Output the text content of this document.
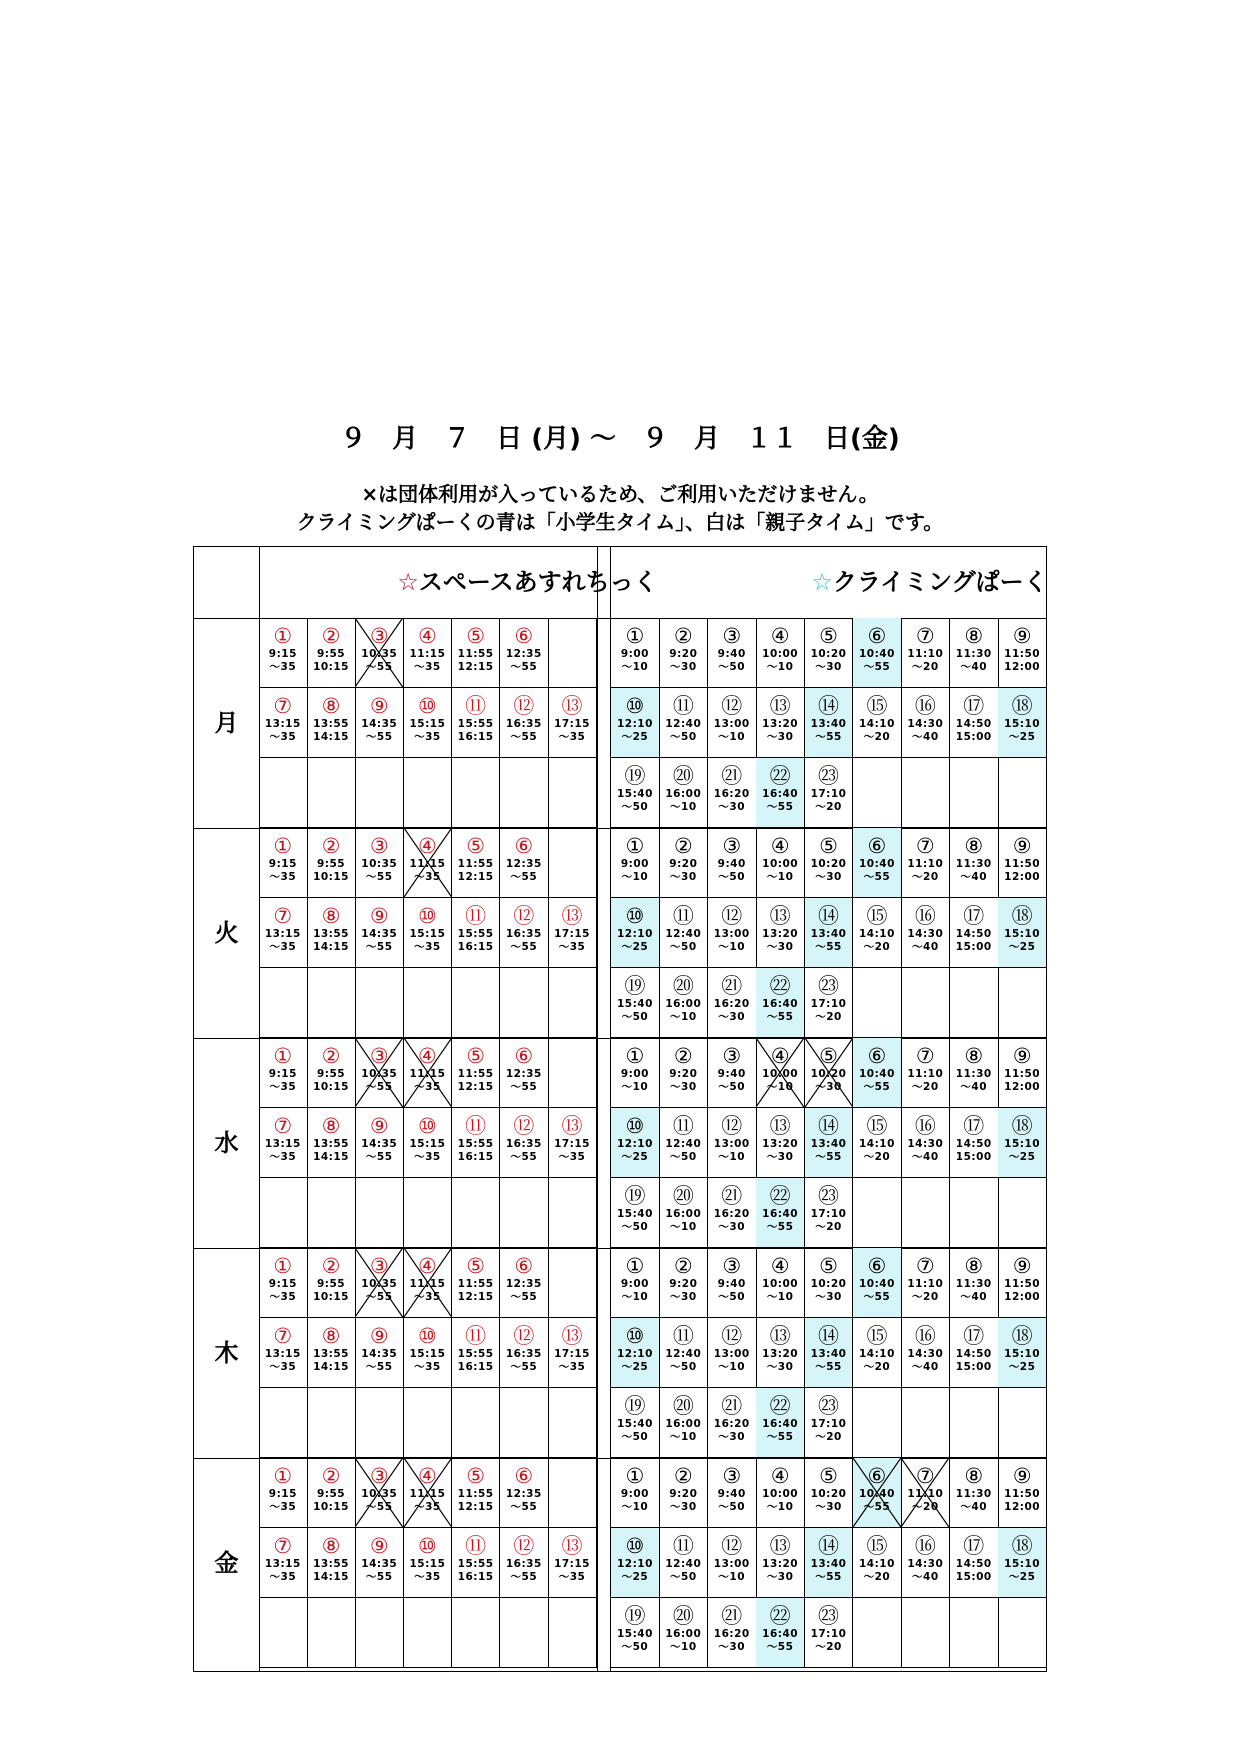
９　月　７　日 (月) ～　９　月　１１　日(金)
×は団体利用が入っているため、ご利用いただけません。
クライミングぱーくの青は「小学生タイム」、白は「親子タイム」です。
☆スペースあすれちっく	☆クライミングぱーく
月
①
9:15
～35
②
9:55
10:15
③
10:35
～55
④
11:15
～35
⑤
11:55
12:15
⑥
12:35
～55
⑦
13:15
～35
⑧
13:55
14:15
⑨
14:35
～55
⑩
15:15
～35
⑪
15:55
16:15
⑫
16:35
～55
⑬
17:15
～35
①
9:00
～10
②
9:20
～30
③
9:40
～50
④
10:00
～10
⑤
10:20
～30
⑥
10:40
～55
⑦
11:10
～20
⑧
11:30
～40
⑨
11:50
12:00
⑩
12:10
～25
⑪
12:40
～50
⑫
13:00
～10
⑬
13:20
～30
⑭
13:40
～55
⑮
14:10
～20
⑯
14:30
～40
⑰
14:50
15:00
⑱
15:10
～25
⑲
15:40
～50
⑳
16:00
～10
㉑
16:20
～30
㉒
16:40
～55
㉓
17:10
～20
火
①
9:15
～35
②
9:55
10:15
③
10:35
～55
④
11:15
～35
⑤
11:55
12:15
⑥
12:35
～55
⑦
13:15
～35
⑧
13:55
14:15
⑨
14:35
～55
⑩
15:15
～35
⑪
15:55
16:15
⑫
16:35
～55
⑬
17:15
～35
①
9:00
～10
②
9:20
～30
③
9:40
～50
④
10:00
～10
⑤
10:20
～30
⑥
10:40
～55
⑦
11:10
～20
⑧
11:30
～40
⑨
11:50
12:00
⑩
12:10
～25
⑪
12:40
～50
⑫
13:00
～10
⑬
13:20
～30
⑭
13:40
～55
⑮
14:10
～20
⑯
14:30
～40
⑰
14:50
15:00
⑱
15:10
～25
⑲
15:40
～50
⑳
16:00
～10
㉑
16:20
～30
㉒
16:40
～55
㉓
17:10
～20
水
①
9:15
～35
②
9:55
10:15
③
10:35
～55
④
11:15
～35
⑤
11:55
12:15
⑥
12:35
～55
⑦
13:15
～35
⑧
13:55
14:15
⑨
14:35
～55
⑩
15:15
～35
⑪
15:55
16:15
⑫
16:35
～55
⑬
17:15
～35
①
9:00
～10
②
9:20
～30
③
9:40
～50
④
10:00
～10
⑤
10:20
～30
⑥
10:40
～55
⑦
11:10
～20
⑧
11:30
～40
⑨
11:50
12:00
⑩
12:10
～25
⑪
12:40
～50
⑫
13:00
～10
⑬
13:20
～30
⑭
13:40
～55
⑮
14:10
～20
⑯
14:30
～40
⑰
14:50
15:00
⑱
15:10
～25
⑲
15:40
～50
⑳
16:00
～10
㉑
16:20
～30
㉒
16:40
～55
㉓
17:10
～20
木
①
9:15
～35
②
9:55
10:15
③
10:35
～55
④
11:15
～35
⑤
11:55
12:15
⑥
12:35
～55
⑦
13:15
～35
⑧
13:55
14:15
⑨
14:35
～55
⑩
15:15
～35
⑪
15:55
16:15
⑫
16:35
～55
⑬
17:15
～35
①
9:00
～10
②
9:20
～30
③
9:40
～50
④
10:00
～10
⑤
10:20
～30
⑥
10:40
～55
⑦
11:10
～20
⑧
11:30
～40
⑨
11:50
12:00
⑩
12:10
～25
⑪
12:40
～50
⑫
13:00
～10
⑬
13:20
～30
⑭
13:40
～55
⑮
14:10
～20
⑯
14:30
～40
⑰
14:50
15:00
⑱
15:10
～25
⑲
15:40
～50
⑳
16:00
～10
㉑
16:20
～30
㉒
16:40
～55
㉓
17:10
～20
金
①
9:15
～35
②
9:55
10:15
③
10:35
～55
④
11:15
～35
⑤
11:55
12:15
⑥
12:35
～55
⑦
13:15
～35
⑧
13:55
14:15
⑨
14:35
～55
⑩
15:15
～35
⑪
15:55
16:15
⑫
16:35
～55
⑬
17:15
～35
①
9:00
～10
②
9:20
～30
③
9:40
～50
④
10:00
～10
⑤
10:20
～30
⑥
10:40
～55
⑦
11:10
～20
⑧
11:30
～40
⑨
11:50
12:00
⑩
12:10
～25
⑪
12:40
～50
⑫
13:00
～10
⑬
13:20
～30
⑭
13:40
～55
⑮
14:10
～20
⑯
14:30
～40
⑰
14:50
15:00
⑱
15:10
～25
⑲
15:40
～50
⑳
16:00
～10
㉑
16:20
～30
㉒
16:40
～55
㉓
17:10
～20
